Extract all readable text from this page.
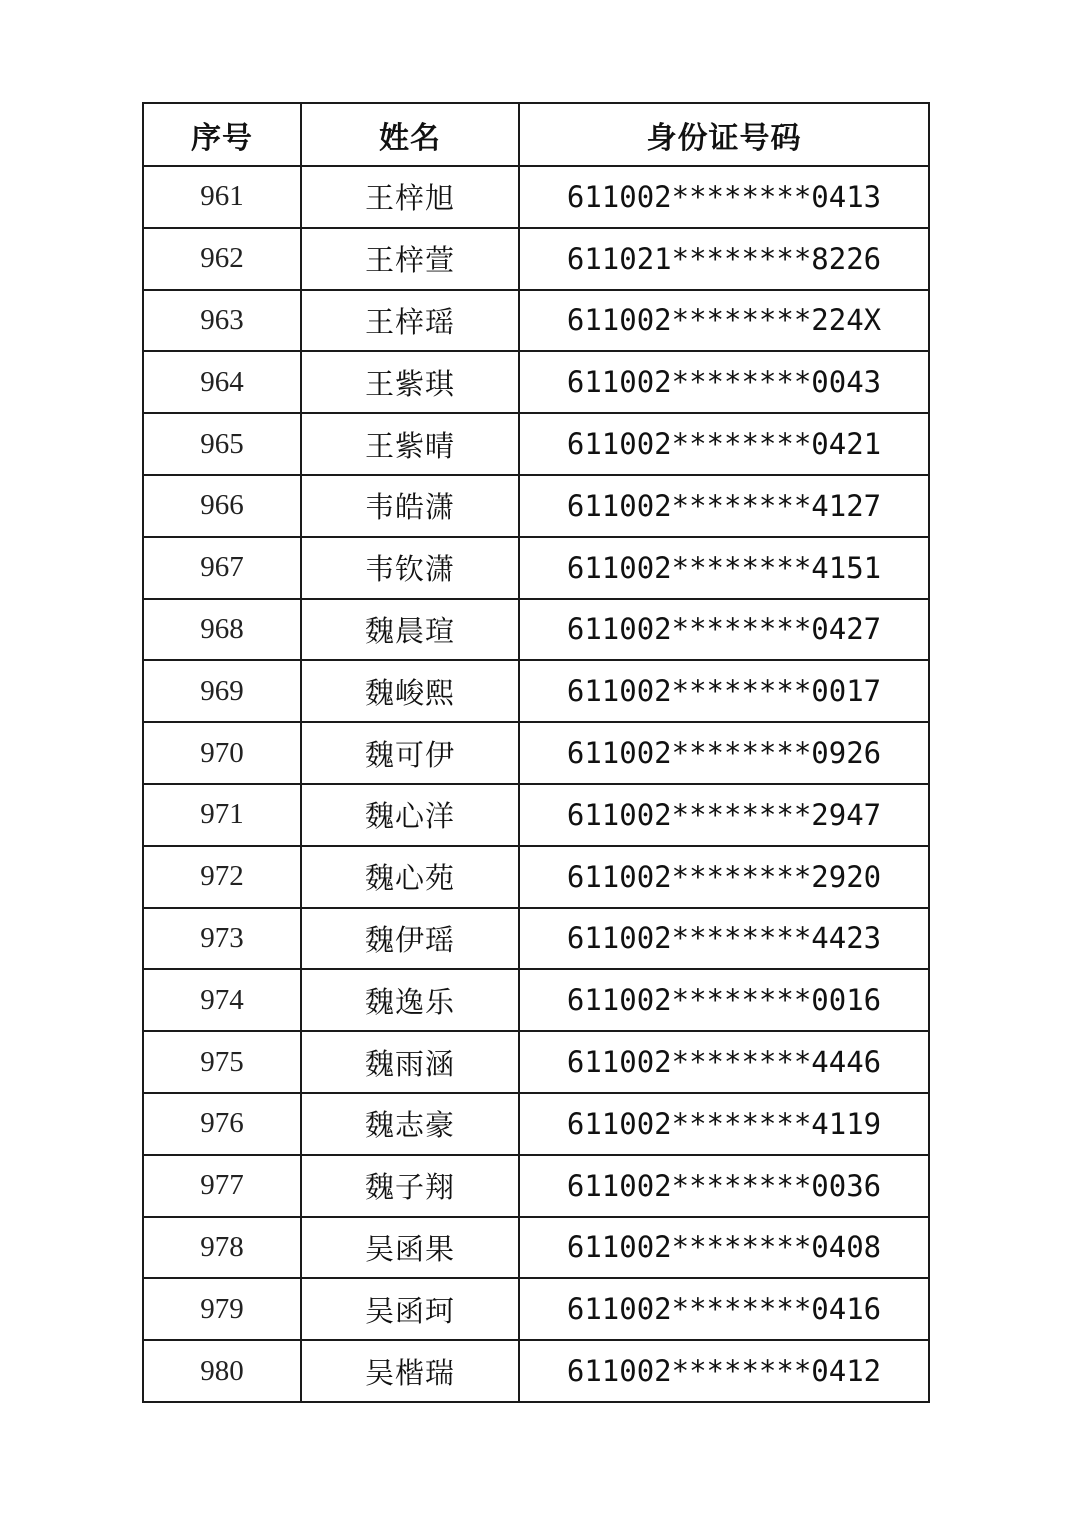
序号	姓名	身份证号码
961	王梓旭	611002********0413
962	王梓萱	611021********8226
963	王梓瑶	611002********224X
964	王紫琪	611002********0043
965	王紫晴	611002********0421
966	韦皓潇	611002********4127
967	韦钦潇	611002********4151
968	魏晨瑄	611002********0427
969	魏峻熙	611002********0017
970	魏可伊	611002********0926
971	魏心洋	611002********2947
972	魏心苑	611002********2920
973	魏伊瑶	611002********4423
974	魏逸乐	611002********0016
975	魏雨涵	611002********4446
976	魏志豪	611002********4119
977	魏子翔	611002********0036
978	吴函果	611002********0408
979	吴函珂	611002********0416
980	吴楷瑞	611002********0412
